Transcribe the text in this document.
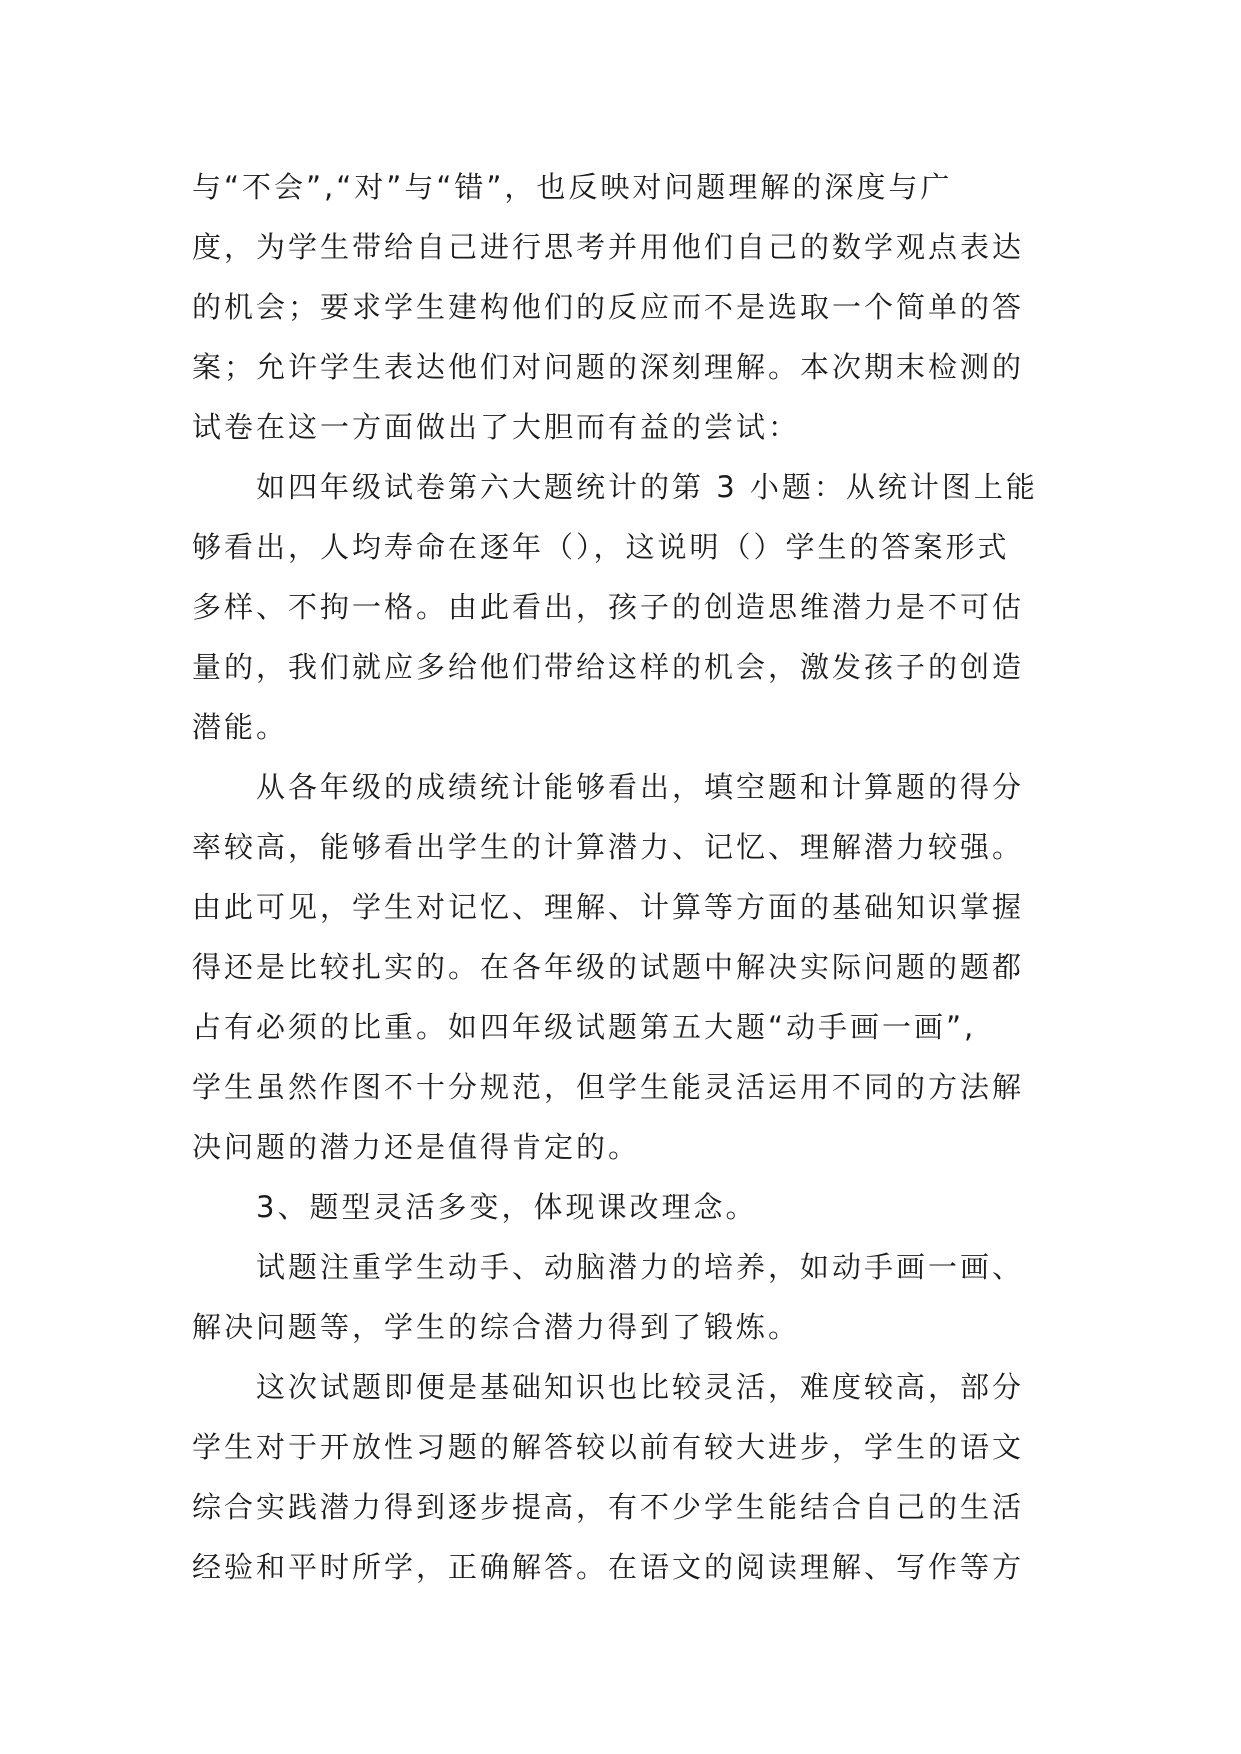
与“不会”,“对”与“错”，也反映对问题理解的深度与广
度，为学生带给自己进行思考并用他们自己的数学观点表达
的机会；要求学生建构他们的反应而不是选取一个简单的答
案；允许学生表达他们对问题的深刻理解。本次期末检测的
试卷在这一方面做出了大胆而有益的尝试：
如四年级试卷第六大题统计的第 3 小题：从统计图上能
够看出，人均寿命在逐年（），这说明（）学生的答案形式
多样、不拘一格。由此看出，孩子的创造思维潜力是不可估
量的，我们就应多给他们带给这样的机会，激发孩子的创造
潜能。
从各年级的成绩统计能够看出，填空题和计算题的得分
率较高，能够看出学生的计算潜力、记忆、理解潜力较强。
由此可见，学生对记忆、理解、计算等方面的基础知识掌握
得还是比较扎实的。在各年级的试题中解决实际问题的题都
占有必须的比重。如四年级试题第五大题“动手画一画”,
学生虽然作图不十分规范，但学生能灵活运用不同的方法解
决问题的潜力还是值得肯定的。
3、题型灵活多变，体现课改理念。
试题注重学生动手、动脑潜力的培养，如动手画一画、
解决问题等，学生的综合潜力得到了锻炼。
这次试题即便是基础知识也比较灵活，难度较高，部分
学生对于开放性习题的解答较以前有较大进步，学生的语文
综合实践潜力得到逐步提高，有不少学生能结合自己的生活
经验和平时所学，正确解答。在语文的阅读理解、写作等方
